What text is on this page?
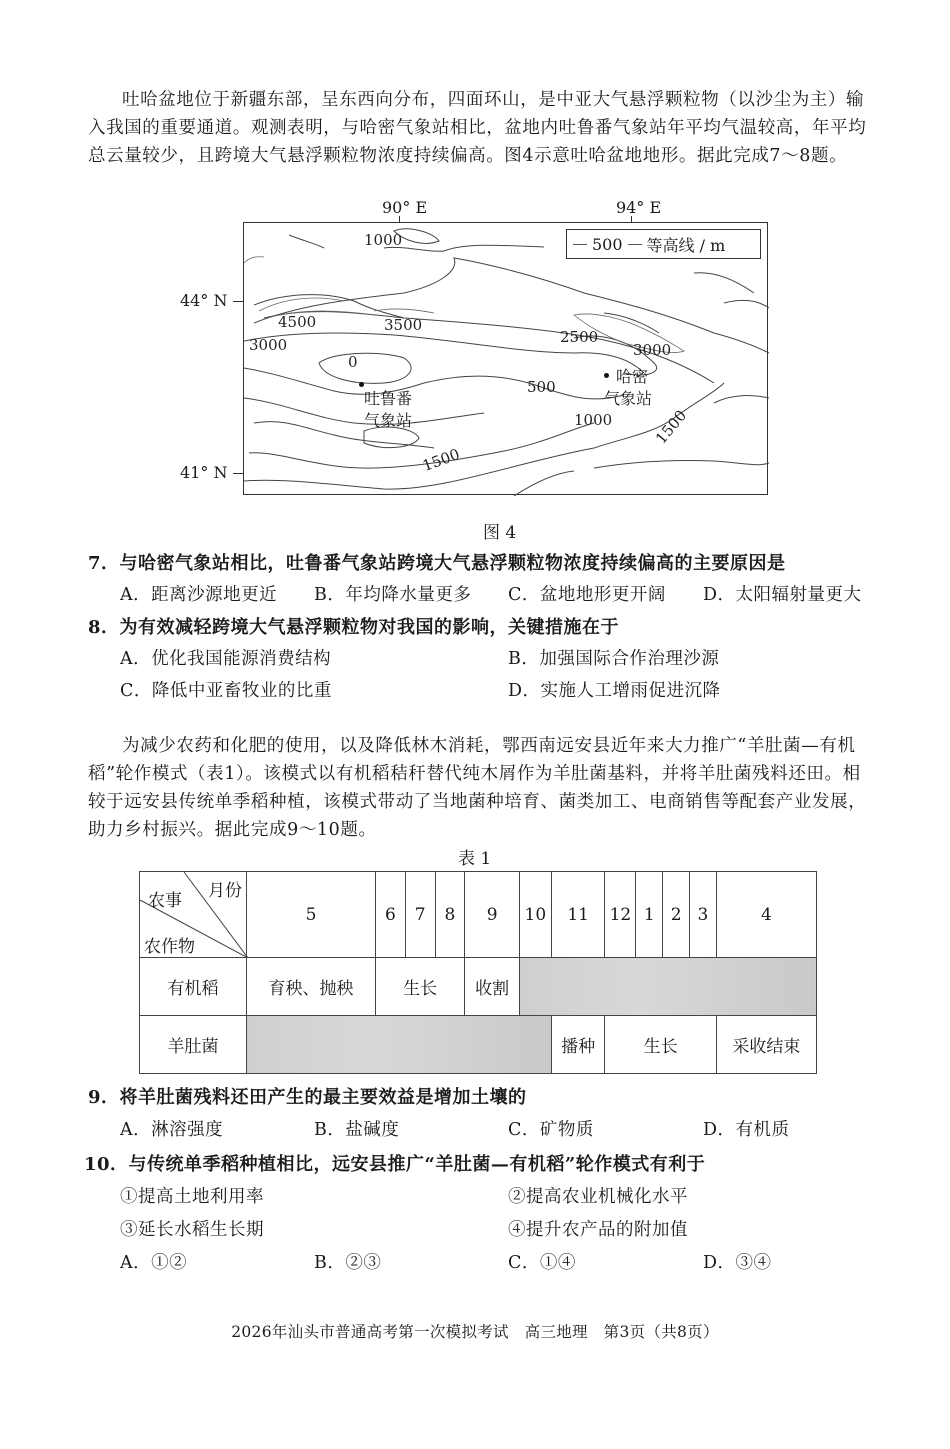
吐哈盆地位于新疆东部，呈东西向分布，四面环山，是中亚大气悬浮颗粒物（以沙尘为主）输入我国的重要通道。观测表明，与哈密气象站相比，盆地内吐鲁番气象站年平均气温较高，年平均总云量较少，且跨境大气悬浮颗粒物浓度持续偏高。图4示意吐哈盆地地形。据此完成7～8题。
90° E	94° E
44° N
41° N
500 等高线 / m
1000
4500	3500
3000
0
2500
3000
500
1000
1500
1500
吐鲁番
气象站
哈密
气象站
图 4
7．与哈密气象站相比，吐鲁番气象站跨境大气悬浮颗粒物浓度持续偏高的主要原因是
A．距离沙源地更近 B．年均降水量更多 C．盆地地形更开阔 D．太阳辐射量更大
8．为有效减轻跨境大气悬浮颗粒物对我国的影响，关键措施在于
A．优化我国能源消费结构	B．加强国际合作治理沙源
C．降低中亚畜牧业的比重	D．实施人工增雨促进沉降
为减少农药和化肥的使用，以及降低林木消耗，鄂西南远安县近年来大力推广“羊肚菌—有机稻”轮作模式（表1）。该模式以有机稻秸秆替代纯木屑作为羊肚菌基料，并将羊肚菌残料还田。相较于远安县传统单季稻种植，该模式带动了当地菌种培育、菌类加工、电商销售等配套产业发展，助力乡村振兴。据此完成9～10题。
表 1
月份
农事
农作物	5	6	7	8	9	10	11	12	1	2	3	4
有机稻	育秧、抛秧	生长			收割							
羊肚菌							播种	生长				采收结束
9．将羊肚菌残料还田产生的最主要效益是增加土壤的
A．淋溶强度	B．盐碱度	C．矿物质	D．有机质
10．与传统单季稻种植相比，远安县推广“羊肚菌—有机稻”轮作模式有利于
①提高土地利用率	②提高农业机械化水平
③延长水稻生长期	④提升农产品的附加值
A．①②	B．②③	C．①④	D．③④
2026年汕头市普通高考第一次模拟考试　高三地理　第3页（共8页）
